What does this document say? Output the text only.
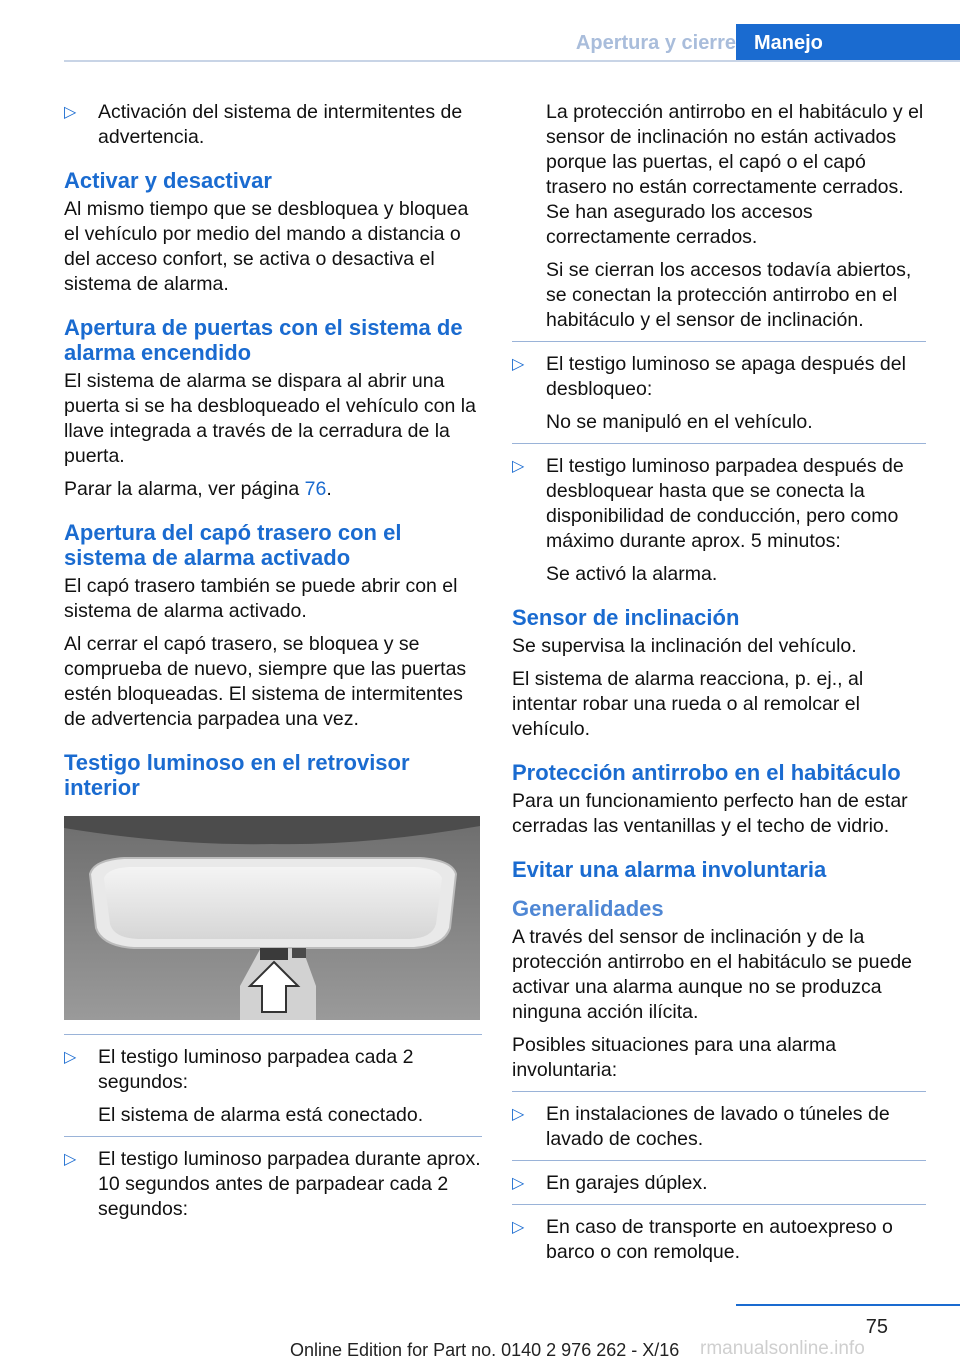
Apertura y cierre Manejo
▷ Activación del sistema de intermitentes de advertencia.

Activar y desactivar

Al mismo tiempo que se desbloquea y bloquea el vehículo por medio del mando a distancia o del acceso confort, se activa o desactiva el sistema de alarma.

Apertura de puertas con el sistema de alarma encendido

El sistema de alarma se dispara al abrir una puerta si se ha desbloqueado el vehículo con la llave integrada a través de la cerradura de la puerta.

Parar la alarma, ver página 76.

Apertura del capó trasero con el sistema de alarma activado

El capó trasero también se puede abrir con el sistema de alarma activado.

Al cerrar el capó trasero, se bloquea y se comprueba de nuevo, siempre que las puertas estén bloqueadas. El sistema de intermitentes de advertencia parpadea una vez.

Testigo luminoso en el retrovisor interior
▷ El testigo luminoso parpadea cada 2 segundos:

El sistema de alarma está conectado.

▷ El testigo luminoso parpadea durante aprox. 10 segundos antes de parpadear cada 2 segundos:

La protección antirrobo en el habitáculo y el sensor de inclinación no están activados porque las puertas, el capó o el capó trasero no están correctamente cerrados. Se han asegurado los accesos correctamente cerrados.

Si se cierran los accesos todavía abiertos, se conectan la protección antirrobo en el habitáculo y el sensor de inclinación.

▷ El testigo luminoso se apaga después del desbloqueo:

No se manipuló en el vehículo.

▷ El testigo luminoso parpadea después de desbloquear hasta que se conecta la disponibilidad de conducción, pero como máximo durante aprox. 5 minutos:

Se activó la alarma.

Sensor de inclinación

Se supervisa la inclinación del vehículo.

El sistema de alarma reacciona, p. ej., al intentar robar una rueda o al remolcar el vehículo.

Protección antirrobo en el habitáculo

Para un funcionamiento perfecto han de estar cerradas las ventanillas y el techo de vidrio.

Evitar una alarma involuntaria
Generalidades

A través del sensor de inclinación y de la protección antirrobo en el habitáculo se puede activar una alarma aunque no se produzca ninguna acción ilícita.

Posibles situaciones para una alarma involuntaria:

▷ En instalaciones de lavado o túneles de lavado de coches.

▷ En garajes dúplex.

▷ En caso de transporte en autoexpreso o barco o con remolque.

75
Online Edition for Part no. 0140 2 976 262 - X/16 rmanualsonline.info
